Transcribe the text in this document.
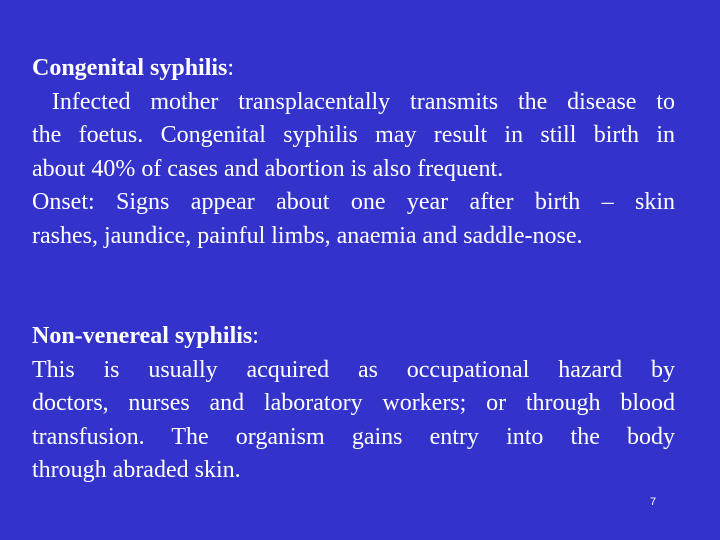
Congenital syphilis:
Infected mother transplacentally transmits the disease to
the foetus. Congenital syphilis may result in still birth in
about 40% of cases and abortion is also frequent.
Onset: Signs appear about one year after birth – skin
rashes, jaundice, painful limbs, anaemia and saddle-nose.
Non-venereal syphilis:
This is usually acquired as occupational hazard by
doctors, nurses and laboratory workers; or through blood
transfusion. The organism gains entry into the body
through abraded skin.
7
